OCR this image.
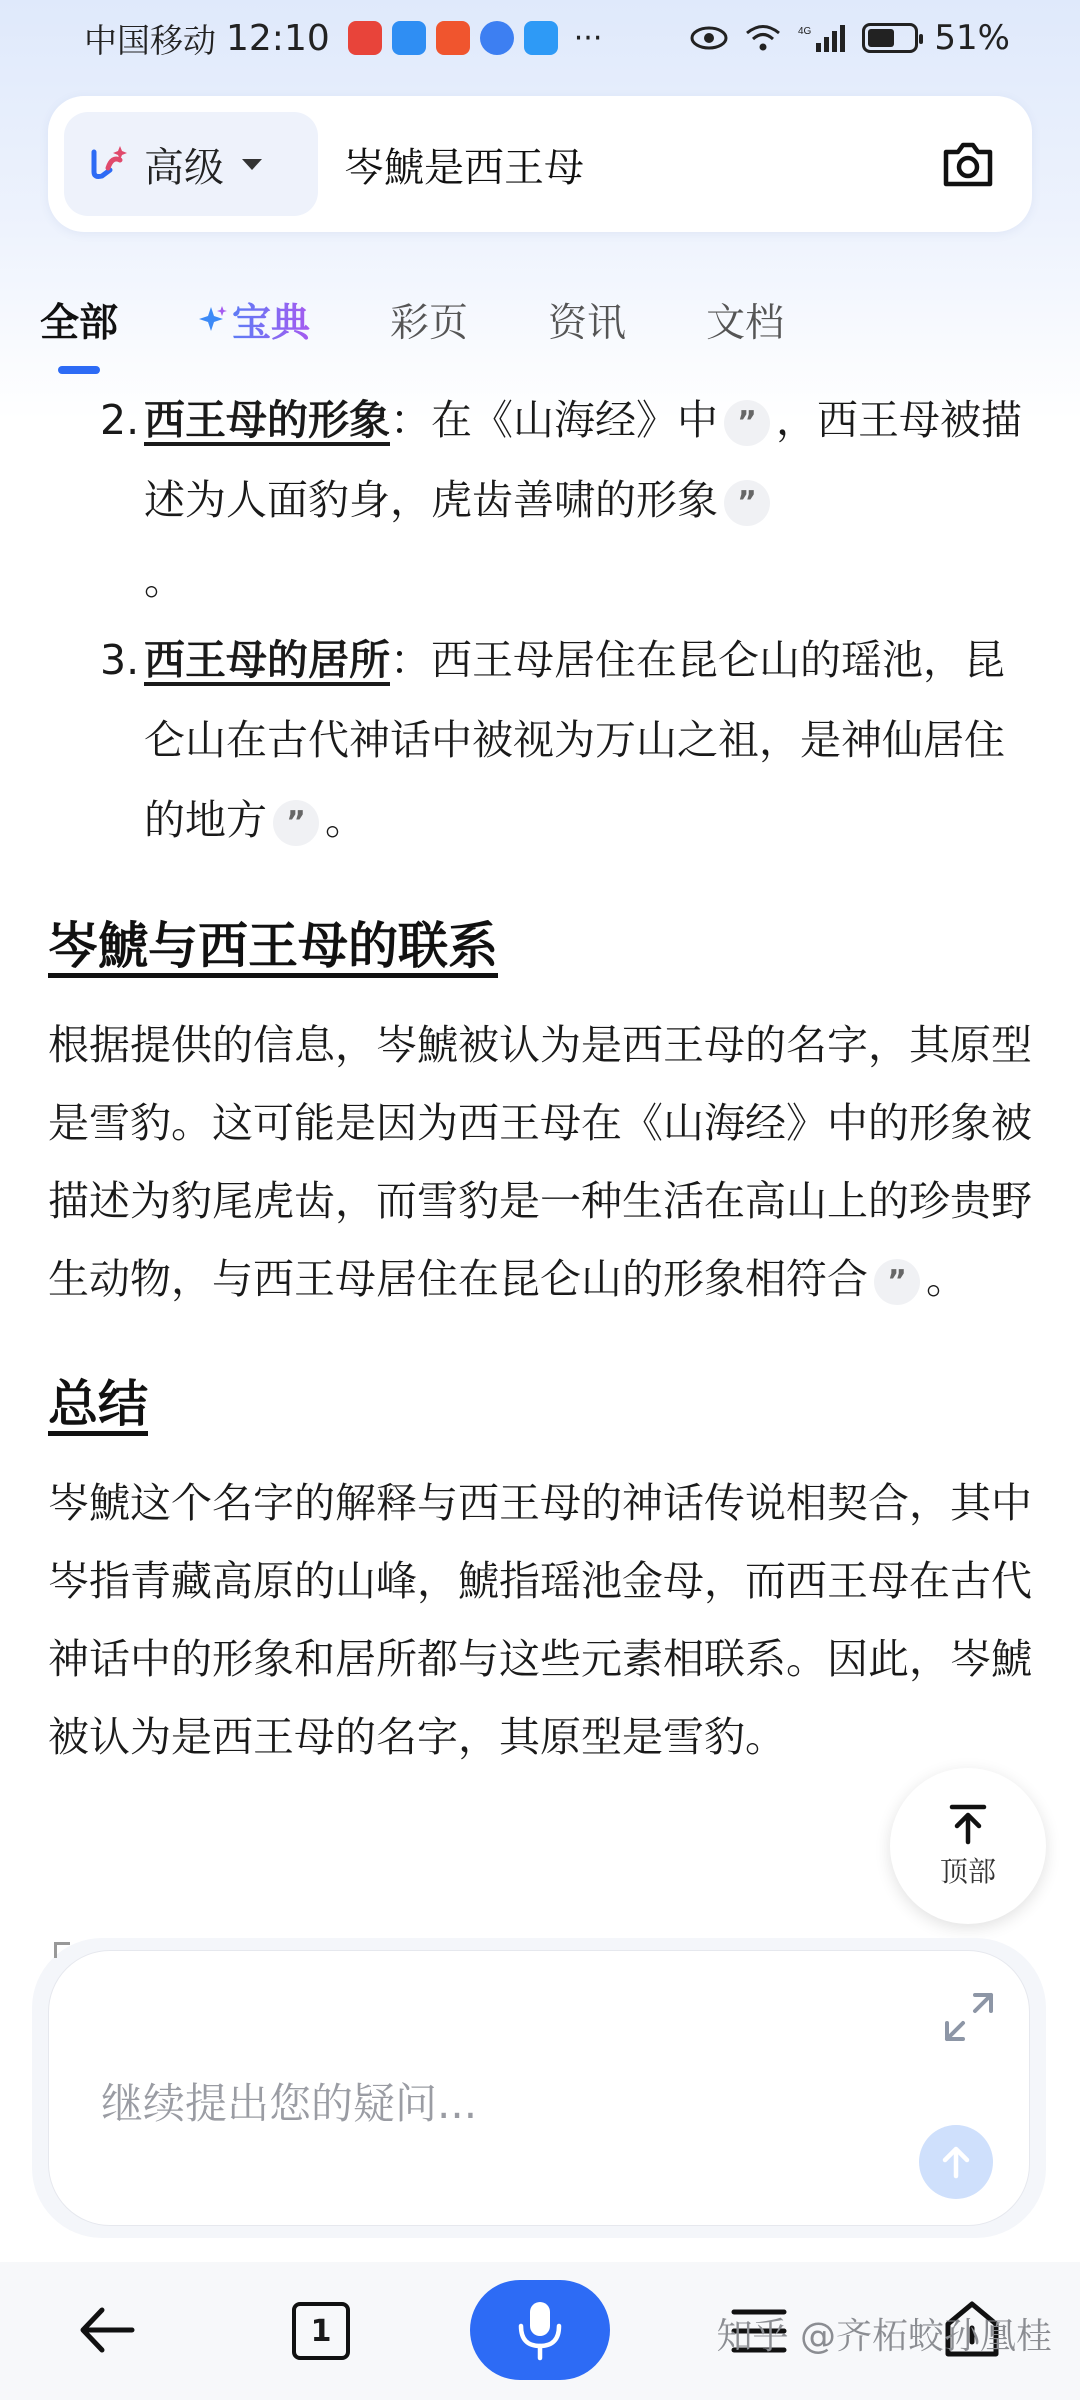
中国移动 12:10	···	4G	51%
高级	岑鯱是西王母
全部	宝典 彩页 资讯 文档
2. 西王母的形象：在《山海经》中 ” ，西王母被描述为人面豹身，虎齿善啸的形象 ”
。
3. 西王母的居所：西王母居住在昆仑山的瑶池，昆仑山在古代神话中被视为万山之祖，是神仙居住的地方 ” 。
岑鯱与西王母的联系
根据提供的信息，岑鯱被认为是西王母的名字，其原型是雪豹。这可能是因为西王母在《山海经》中的形象被描述为豹尾虎齿，而雪豹是一种生活在高山上的珍贵野生动物，与西王母居住在昆仑山的形象相符合 ” 。
总结
岑鯱这个名字的解释与西王母的神话传说相契合，其中岑指青藏高原的山峰，鯱指瑶池金母，而西王母在古代神话中的形象和居所都与这些元素相联系。因此，岑鯱被认为是西王母的名字，其原型是雪豹。
顶部
继续提出您的疑问...
1	知乎 @齐柘蛟孙凰桂
